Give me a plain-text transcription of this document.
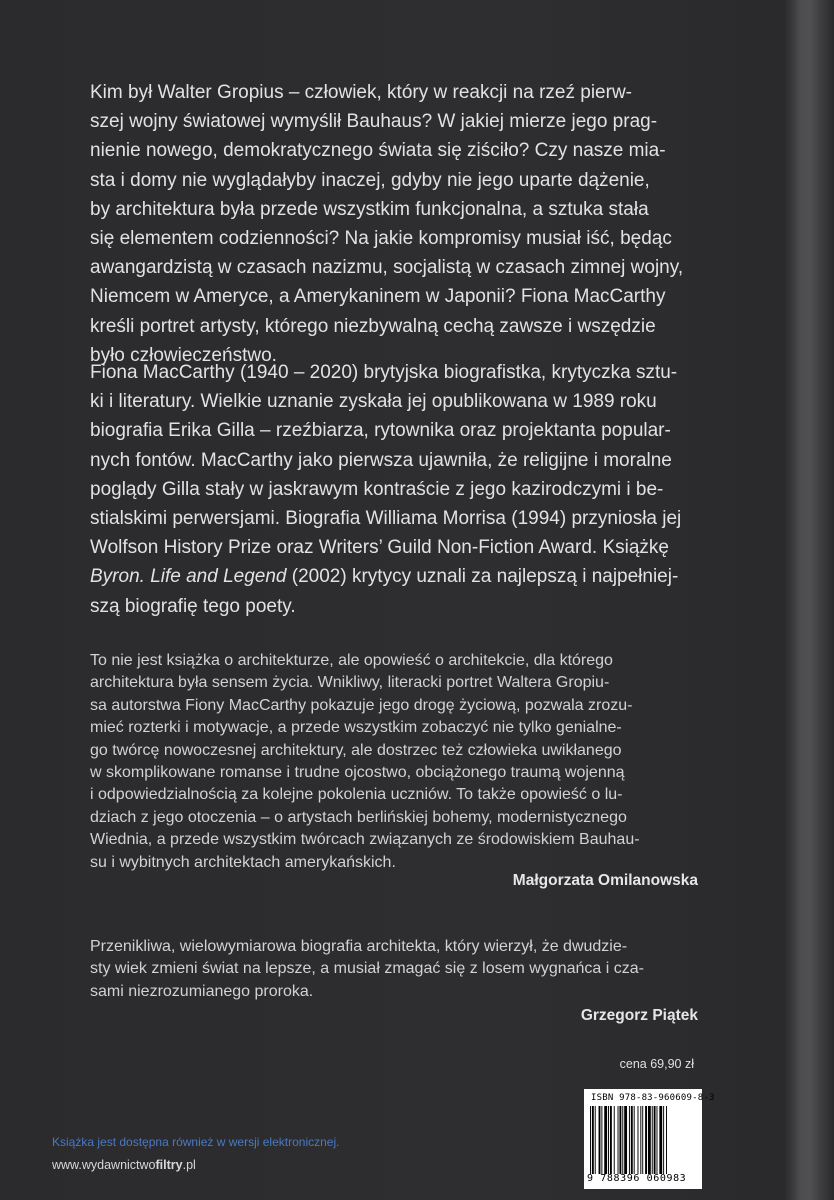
Kim był Walter Gropius – człowiek, który w reakcji na rzeź pierw-
szej wojny światowej wymyślił Bauhaus? W jakiej mierze jego prag-
nienie nowego, demokratycznego świata się ziściło? Czy nasze mia-
sta i domy nie wyglądałyby inaczej, gdyby nie jego uparte dążenie,
by architektura była przede wszystkim funkcjonalna, a sztuka stała
się elementem codzienności? Na jakie kompromisy musiał iść, będąc
awangardzistą w czasach nazizmu, socjalistą w czasach zimnej wojny,
Niemcem w Ameryce, a Amerykaninem w Japonii? Fiona MacCarthy
kreśli portret artysty, którego niezbywalną cechą zawsze i wszędzie
było człowieczeństwo.
Fiona MacCarthy (1940 – 2020) brytyjska biografistka, krytyczka sztu-
ki i literatury. Wielkie uznanie zyskała jej opublikowana w 1989 roku
biografia Erika Gilla – rzeźbiarza, rytownika oraz projektanta popular-
nych fontów. MacCarthy jako pierwsza ujawniła, że religijne i moralne
poglądy Gilla stały w jaskrawym kontraście z jego kazirodczymi i be-
stialskimi perwersjami. Biografia Williama Morrisa (1994) przyniosła jej
Wolfson History Prize oraz Writers’ Guild Non-Fiction Award. Książkę
Byron. Life and Legend (2002) krytycy uznali za najlepszą i najpełniej-
szą biografię tego poety.
To nie jest książka o architekturze, ale opowieść o architekcie, dla którego
architektura była sensem życia. Wnikliwy, literacki portret Waltera Gropiu-
sa autorstwa Fiony MacCarthy pokazuje jego drogę życiową, pozwala zrozu-
mieć rozterki i motywacje, a przede wszystkim zobaczyć nie tylko genialne-
go twórcę nowoczesnej architektury, ale dostrzec też człowieka uwikłanego
w skomplikowane romanse i trudne ojcostwo, obciążonego traumą wojenną
i odpowiedzialnością za kolejne pokolenia uczniów. To także opowieść o lu-
dziach z jego otoczenia – o artystach berlińskiej bohemy, modernistycznego
Wiednia, a przede wszystkim twórcach związanych ze środowiskiem Bauhau-
su i wybitnych architektach amerykańskich.

Małgorzata Omilanowska

Przenikliwa, wielowymiarowa biografia architekta, który wierzył, że dwudzie-
sty wiek zmieni świat na lepsze, a musiał zmagać się z losem wygnańca i cza-
sami niezrozumianego proroka.

Grzegorz Piątek

cena 69,90 zł
ISBN 978-83-960609-8-3
9 788396 060983
Książka jest dostępna również w wersji elektronicznej.
www.wydawnictwofiltry.pl
